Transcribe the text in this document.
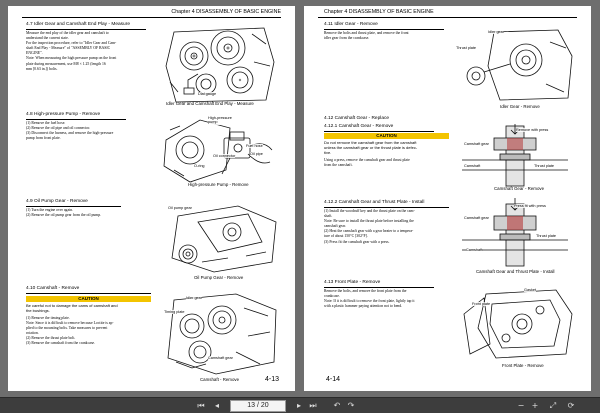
Chapter 4 DISASSEMBLY OF BASIC ENGINE
4.7 Idler Gear and Camshaft End Play - Measure
Measure the end play of the idler gear and camshaft to
understand the current state.
For the inspection procedure, refer to "Idler Gear and Cam-
shaft End Play - Measure" of "ASSEMBLY OF BASIC
ENGINE".
Note: When measuring the high pressure pump on the front
plate during measurement, use M8 × 1.25 (length 16
mm [0.63 in.]) bolts.
Dial gauge
Idler Gear and Camshaft End Play - Measure
4.8 High-pressure Pump - Remove
(1) Remove the fuel hose.
(2) Remove the oil pipe and oil connector.
(3) Disconnect the harness, and remove the high-pressure
pump from front plate.
High-pressure
pump
Fuel hose
Oil connector	Oil pipe
O-ring
High-pressure Pump - Remove
4.9 Oil Pump Gear - Remove
(1) Turn the engine over again.
(2) Remove the oil pump gear from the oil pump.
Oil pump gear
Oil Pump Gear - Remove
4.10 Camshaft - Remove
CAUTION
Be careful not to damage the cams of camshaft and
the bushings.
(1) Remove the timing plate.
Note: Since it is difficult to remove because Loctite is ap-
plied to the mounting bolts. Take measures to prevent
rotation.
(2) Remove the thrust plate bolt.
(3) Remove the camshaft from the crankcase.
Idler gear
Timing plate
Camshaft gear
Camshaft - Remove	4-13
Chapter 4 DISASSEMBLY OF BASIC ENGINE
4.11 Idler Gear - Remove
Remove the bolts and thrust plate, and remove the front
idler gear from the crankcase.
Idler gear
Thrust plate
Idler Gear - Remove
4.12 Camshaft Gear - Replace
4.12.1 Camshaft Gear - Remove
CAUTION
Do not remove the camshaft gear from the camshaft
unless the camshaft gear or the thrust plate is defec-
tive.
Using a press, remove the camshaft gear and thrust plate
from the camshaft.
Remove with press
Camshaft gear
Camshaft	Thrust plate
Camshaft Gear - Remove
4.12.2 Camshaft Gear and Thrust Plate - Install
(1) Install the woodruff key and the thrust plate on the cam-
shaft.
Note: Be sure to install the thrust plate before installing the
camshaft gear.
(2) Heat the camshaft gear with a gear heater to a tempera-
ture of about 150°C [302°F].
(3) Press fit the camshaft gear with a press.
Press fit with press
Camshaft gear
Thrust plate
Camshaft
Camshaft Gear and Thrust Plate - Install
4.13 Front Plate - Remove
Remove the bolts, and remove the front plate from the
crankcase.
Note: If it is difficult to remove the front plate, lightly tap it
with a plastic hammer paying attention not to bend.
Gasket
Front plate
Front Plate - Remove
4-14
⏮	◂	13 / 20	▸	⏭ ↶ ↷	− + ⤢ ⟳
